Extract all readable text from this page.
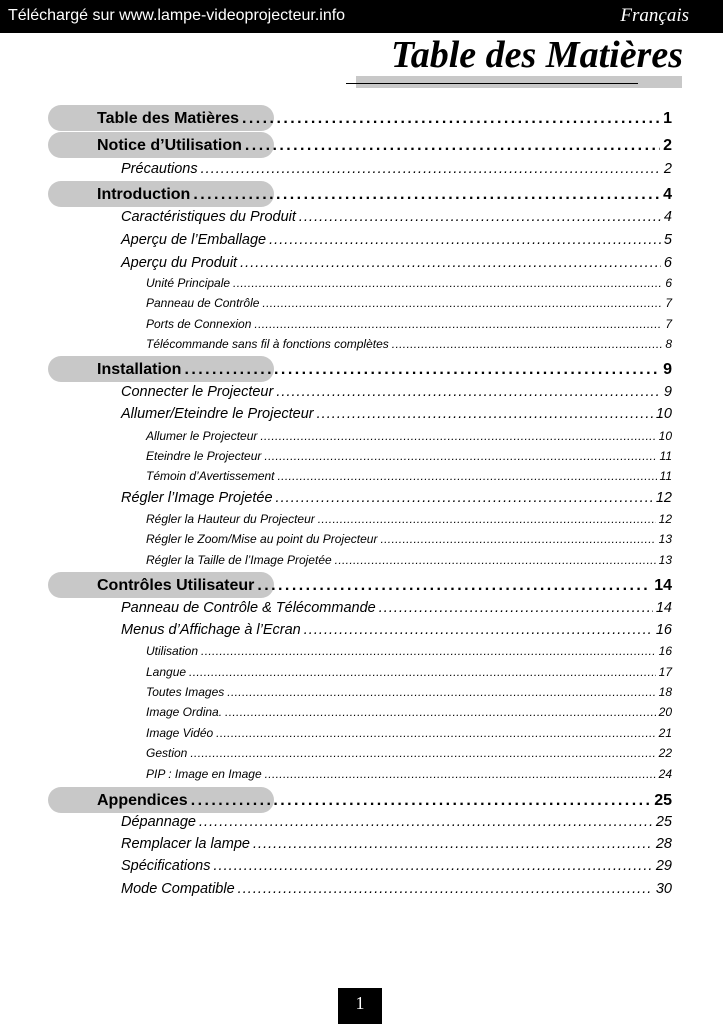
Téléchargé sur www.lampe-videoprojecteur.info	Français
Table des Matières
Table des Matières . . .	1
Notice d’Utilisation . . .	2
Précautions . . .	2
Introduction . . .	4
Caractéristiques du Produit . . .	4
Aperçu de l’Emballage . . .	5
Aperçu du Produit . . .	6
Unité Principale . . .	6
Panneau de Contrôle . . .	7
Ports de Connexion . . .	7
Télécommande sans fil à fonctions complètes . . .	8
Installation . . .	9
Connecter le Projecteur . . .	9
Allumer/Eteindre le Projecteur . . .	10
Allumer le Projecteur . . .	10
Eteindre le Projecteur . . .	11
Témoin d’Avertissement . . .	11
Régler l’Image Projetée . . .	12
Régler la Hauteur du Projecteur . . .	12
Régler le Zoom/Mise au point du Projecteur . . .	13
Régler la Taille de l’Image Projetée . . .	13
Contrôles Utilisateur . . .	14
Panneau de Contrôle & Télécommande . . .	14
Menus d’Affichage à l’Ecran . . .	16
Utilisation . . .	16
Langue . . .	17
Toutes Images . . .	18
Image Ordina. . . .	20
Image Vidéo . . .	21
Gestion . . .	22
PIP : Image en Image . . .	24
Appendices . . .	25
Dépannage . . .	25
Remplacer la lampe . . .	28
Spécifications . . .	29
Mode Compatible . . .	30
1
